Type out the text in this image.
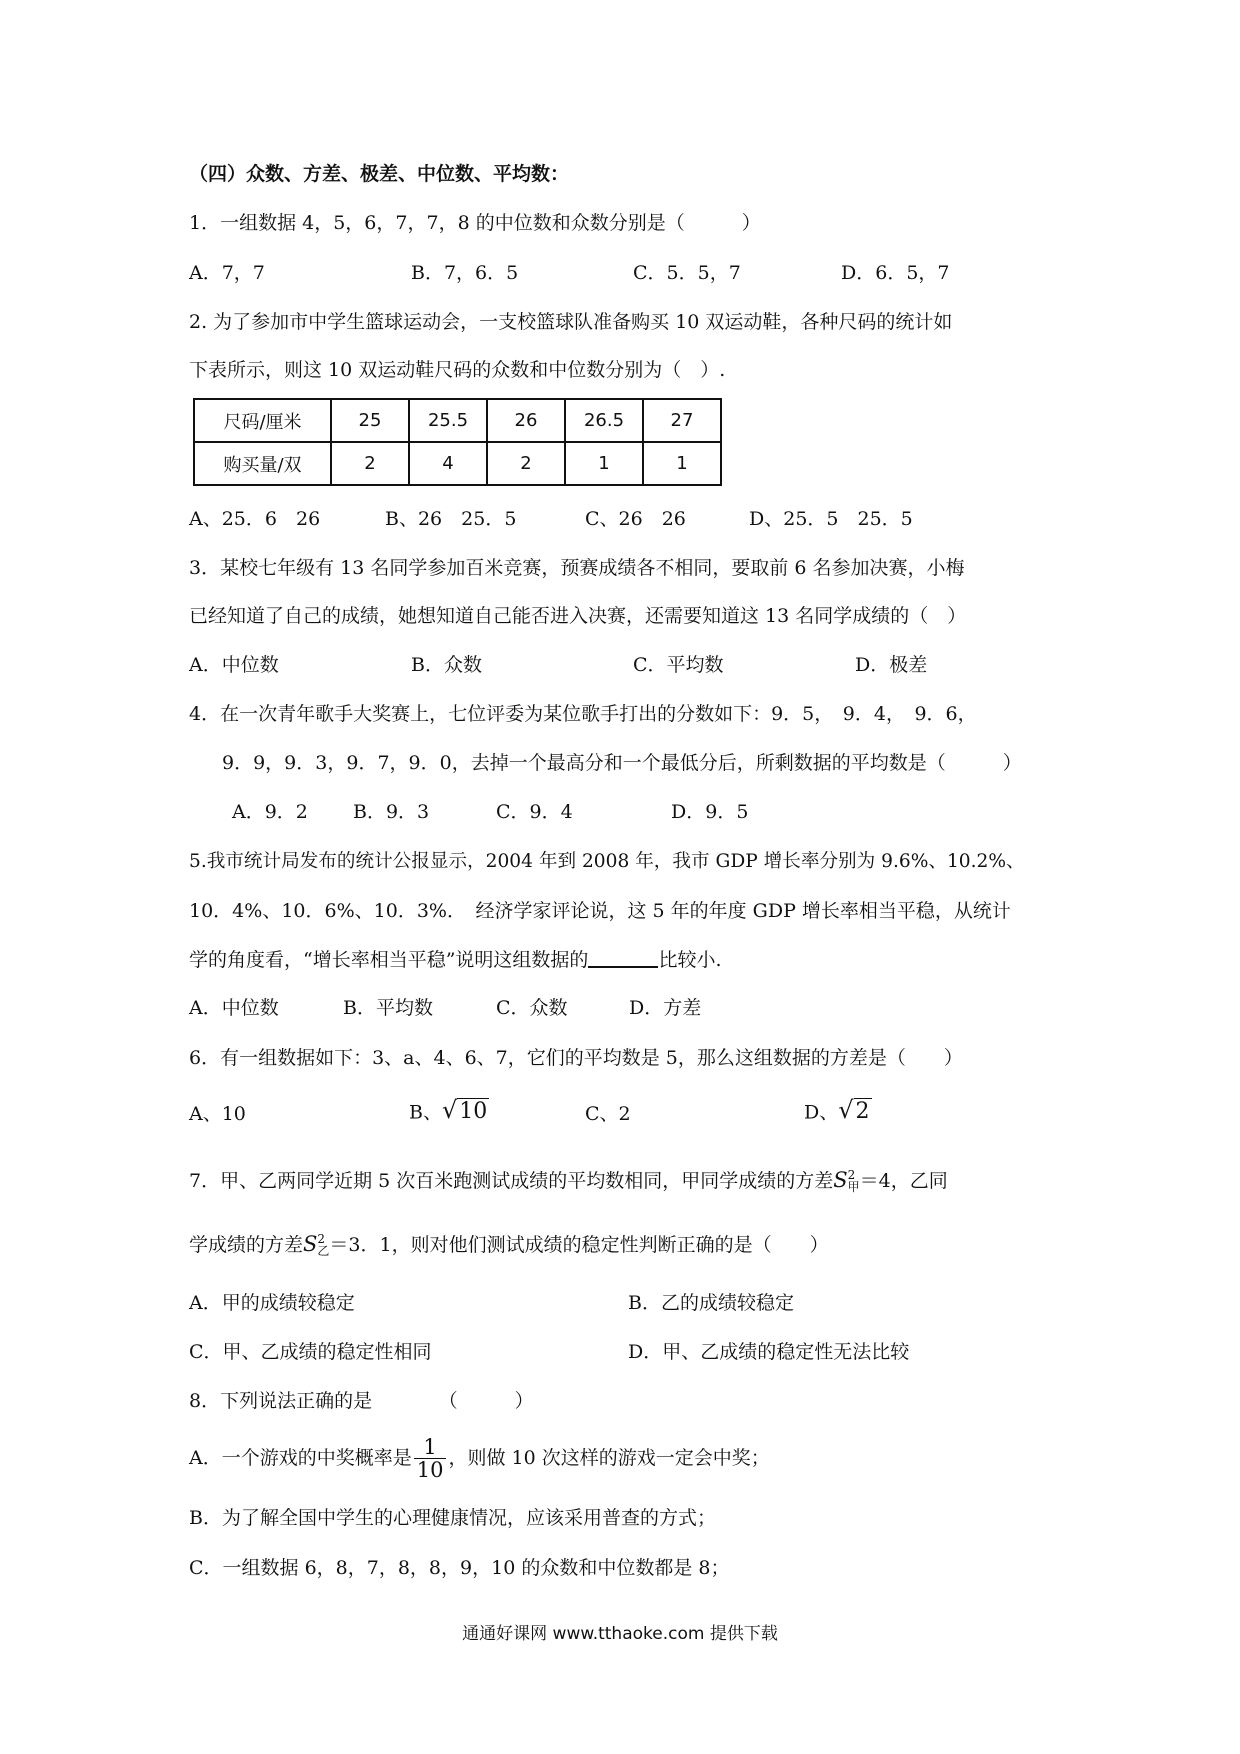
（四）众数、方差、极差、中位数、平均数：
1．一组数据 4，5，6，7，7，8 的中位数和众数分别是（　　　）
A．7，7	B．7，6．5	C．5．5，7	D．6．5，7
2. 为了参加市中学生篮球运动会，一支校篮球队准备购买 10 双运动鞋，各种尺码的统计如
下表所示，则这 10 双运动鞋尺码的众数和中位数分别为（　）.
尺码/厘米	25	25.5	26	26.5	27
购买量/双	2	4	2	1	1
A、25．6　26	B、26　25．5	C、26　26	D、25．5　25．5
3．某校七年级有 13 名同学参加百米竞赛，预赛成绩各不相同，要取前 6 名参加决赛，小梅
已经知道了自己的成绩，她想知道自己能否进入决赛，还需要知道这 13 名同学成绩的（　）
A．中位数	B．众数	C．平均数	D．极差
4．在一次青年歌手大奖赛上，七位评委为某位歌手打出的分数如下：9．5，　9．4，　9．6，
9．9，9．3，9．7，9．0，去掉一个最高分和一个最低分后，所剩数据的平均数是（　　　）
A．9．2 B．9．3	C．9．4	D．9．5
5.我市统计局发布的统计公报显示，2004 年到 2008 年，我市 GDP 增长率分别为 9.6%、10.2%、
10．4%、10．6%、10．3%．　经济学家评论说，这 5 年的年度 GDP 增长率相当平稳，从统计
学的角度看，“增长率相当平稳”说明这组数据的	比较小.
A．中位数	B．平均数	C．众数	D．方差
6．有一组数据如下：3、a、4、6、7，它们的平均数是 5，那么这组数据的方差是（　　）
A、10	B、√10	C、2	D、√2
7．甲、乙两同学近期 5 次百米跑测试成绩的平均数相同，甲同学成绩的方差S 2
甲 ＝4，乙同
学成绩的方差S 2
乙 ＝3．1，则对他们测试成绩的稳定性判断正确的是（　　）
A．甲的成绩较稳定	B．乙的成绩较稳定
C．甲、乙成绩的稳定性相同	D．甲、乙成绩的稳定性无法比较
8．下列说法正确的是　　　　（　　　）
A．一个游戏的中奖概率是 $\frac{1}{10}$ ，则做 10 次这样的游戏一定会中奖；
B．为了解全国中学生的心理健康情况，应该采用普查的方式；
C．一组数据 6，8，7，8，8，9，10 的众数和中位数都是 8；
通通好课网 www.tthaoke.com 提供下载
